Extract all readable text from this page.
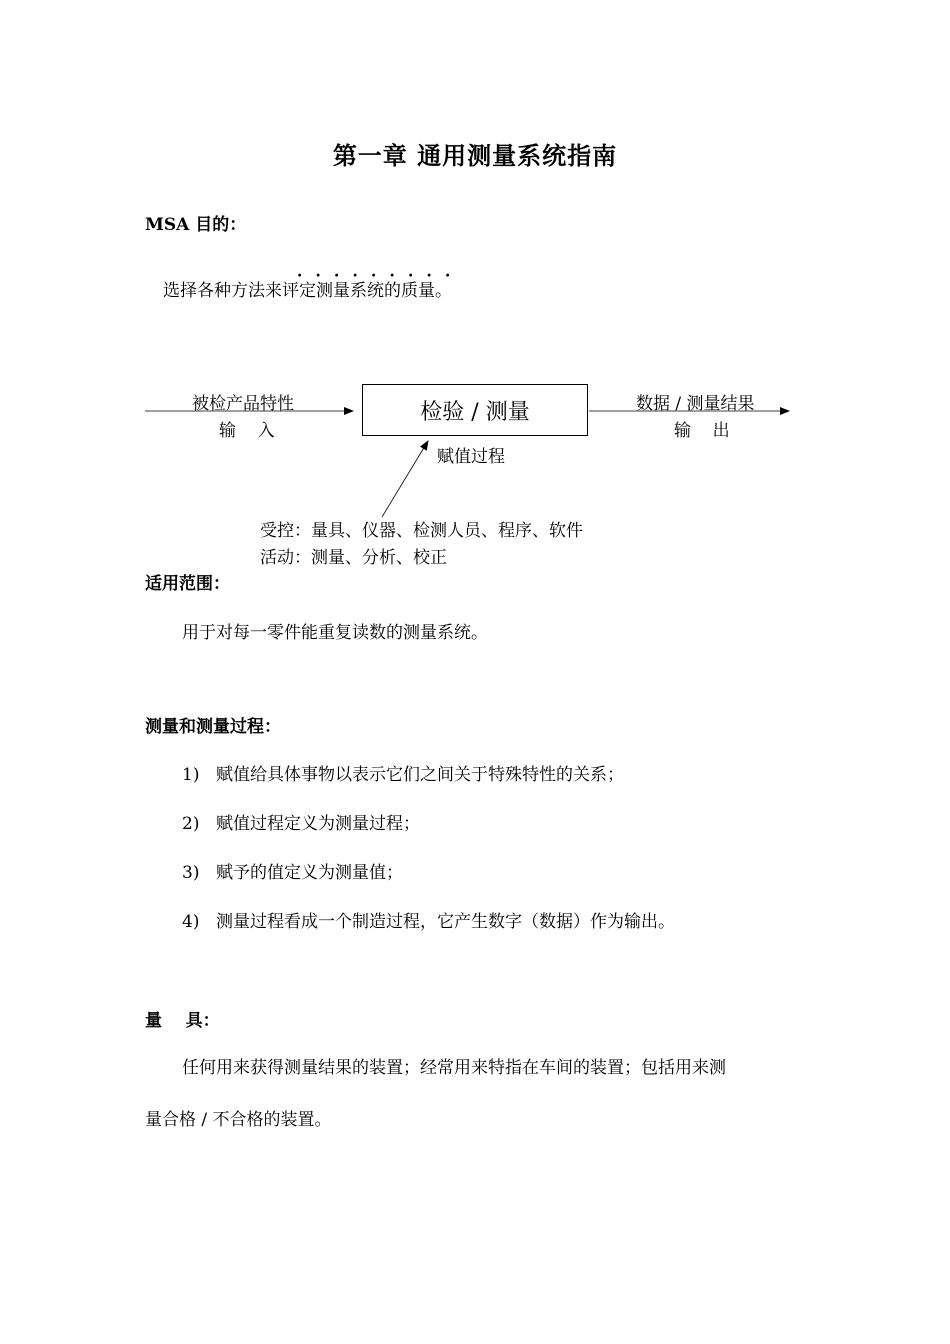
第一章 通用测量系统指南
MSA 目的：
．．．．．．．．．
选择各种方法来评定测量系统的质量。
被检产品特性
输    入
检验 / 测量	数据 / 测量结果
输    出
赋值过程
受控：量具、仪器、检测人员、程序、软件
活动：测量、分析、校正
适用范围：
用于对每一零件能重复读数的测量系统。
测量和测量过程：
1) 赋值给具体事物以表示它们之间关于特殊特性的关系；
2) 赋值过程定义为测量过程；
3) 赋予的值定义为测量值；
4) 测量过程看成一个制造过程，它产生数字（数据）作为输出。
量    具：
任何用来获得测量结果的装置；经常用来特指在车间的装置；包括用来测
量合格 / 不合格的装置。
